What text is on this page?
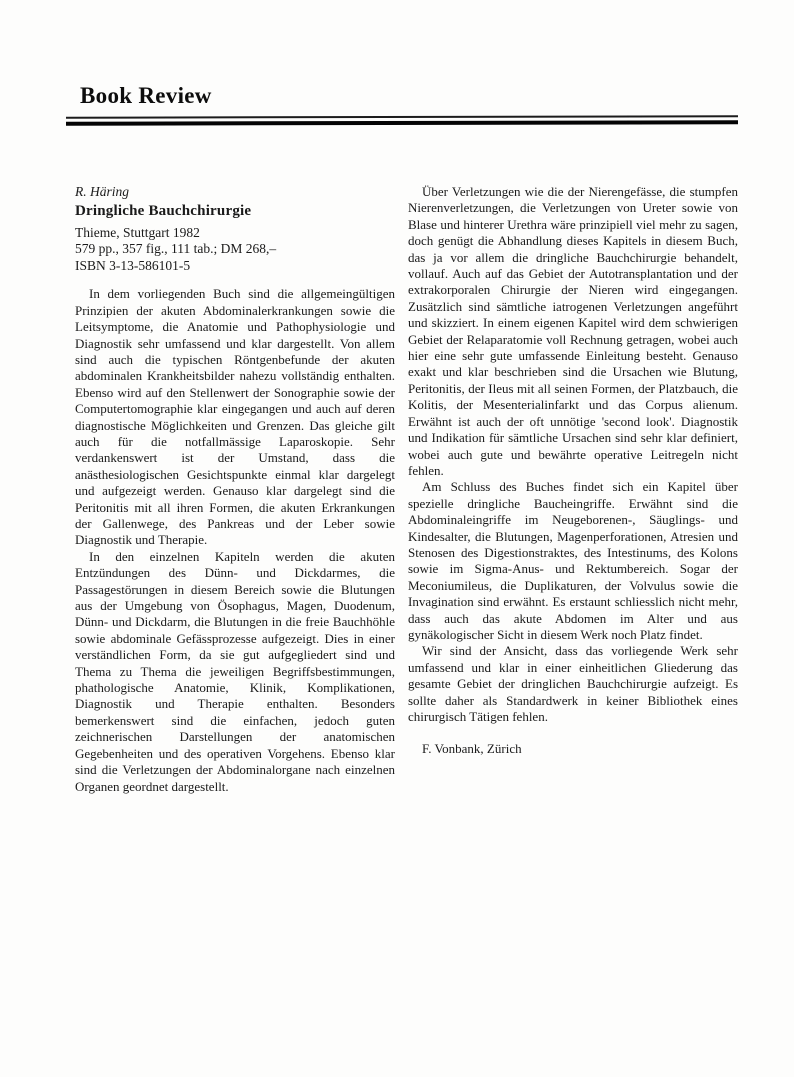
Book Review

R. Häring

Dringliche Bauchchirurgie

Thieme, Stuttgart 1982

579 pp., 357 fig., 111 tab.; DM 268,–

ISBN 3-13-586101-5

In dem vorliegenden Buch sind die allgemeingültigen Prinzipien der akuten Abdominalerkrankungen sowie die Leitsymptome, die Anatomie und Pathophysiologie und Diagnostik sehr umfassend und klar dargestellt. Von allem sind auch die typischen Röntgenbefunde der akuten abdominalen Krankheitsbilder nahezu vollständig enthalten. Ebenso wird auf den Stellenwert der Sonographie sowie der Computertomographie klar eingegangen und auch auf deren diagnostische Möglichkeiten und Grenzen. Das gleiche gilt auch für die notfallmässige Laparoskopie. Sehr verdankenswert ist der Umstand, dass die anästhesiologischen Gesichtspunkte einmal klar dargelegt und aufgezeigt werden. Genauso klar dargelegt sind die Peritonitis mit all ihren Formen, die akuten Erkrankungen der Gallenwege, des Pankreas und der Leber sowie Diagnostik und Therapie.

In den einzelnen Kapiteln werden die akuten Entzündungen des Dünn- und Dickdarmes, die Passagestörungen in diesem Bereich sowie die Blutungen aus der Umgebung von Ösophagus, Magen, Duodenum, Dünn- und Dickdarm, die Blutungen in die freie Bauchhöhle sowie abdominale Gefässprozesse aufgezeigt. Dies in einer verständlichen Form, da sie gut aufgegliedert sind und Thema zu Thema die jeweiligen Begriffsbestimmungen, phathologische Anatomie, Klinik, Komplikationen, Diagnostik und Therapie enthalten. Besonders bemerkenswert sind die einfachen, jedoch guten zeichnerischen Darstellungen der anatomischen Gegebenheiten und des operativen Vorgehens. Ebenso klar sind die Verletzungen der Abdominalorgane nach einzelnen Organen geordnet dargestellt.

Über Verletzungen wie die der Nierengefässe, die stumpfen Nierenverletzungen, die Verletzungen von Ureter sowie von Blase und hinterer Urethra wäre prinzipiell viel mehr zu sagen, doch genügt die Abhandlung dieses Kapitels in diesem Buch, das ja vor allem die dringliche Bauchchirurgie behandelt, vollauf. Auch auf das Gebiet der Autotransplantation und der extrakorporalen Chirurgie der Nieren wird eingegangen. Zusätzlich sind sämtliche iatrogenen Verletzungen angeführt und skizziert. In einem eigenen Kapitel wird dem schwierigen Gebiet der Relaparatomie voll Rechnung getragen, wobei auch hier eine sehr gute umfassende Einleitung besteht. Genauso exakt und klar beschrieben sind die Ursachen wie Blutung, Peritonitis, der Ileus mit all seinen Formen, der Platzbauch, die Kolitis, der Mesenterialinfarkt und das Corpus alienum. Erwähnt ist auch der oft unnötige 'second look'. Diagnostik und Indikation für sämtliche Ursachen sind sehr klar definiert, wobei auch gute und bewährte operative Leitregeln nicht fehlen.

Am Schluss des Buches findet sich ein Kapitel über spezielle dringliche Baucheingriffe. Erwähnt sind die Abdominaleingriffe im Neugeborenen-, Säuglings- und Kindesalter, die Blutungen, Magenperforationen, Atresien und Stenosen des Digestionstraktes, des Intestinums, des Kolons sowie im Sigma-Anus- und Rektumbereich. Sogar der Meconiumileus, die Duplikaturen, der Volvulus sowie die Invagination sind erwähnt. Es erstaunt schliesslich nicht mehr, dass auch das akute Abdomen im Alter und aus gynäkologischer Sicht in diesem Werk noch Platz findet.

Wir sind der Ansicht, dass das vorliegende Werk sehr umfassend und klar in einer einheitlichen Gliederung das gesamte Gebiet der dringlichen Bauchchirurgie aufzeigt. Es sollte daher als Standardwerk in keiner Bibliothek eines chirurgisch Tätigen fehlen.

F. Vonbank, Zürich
